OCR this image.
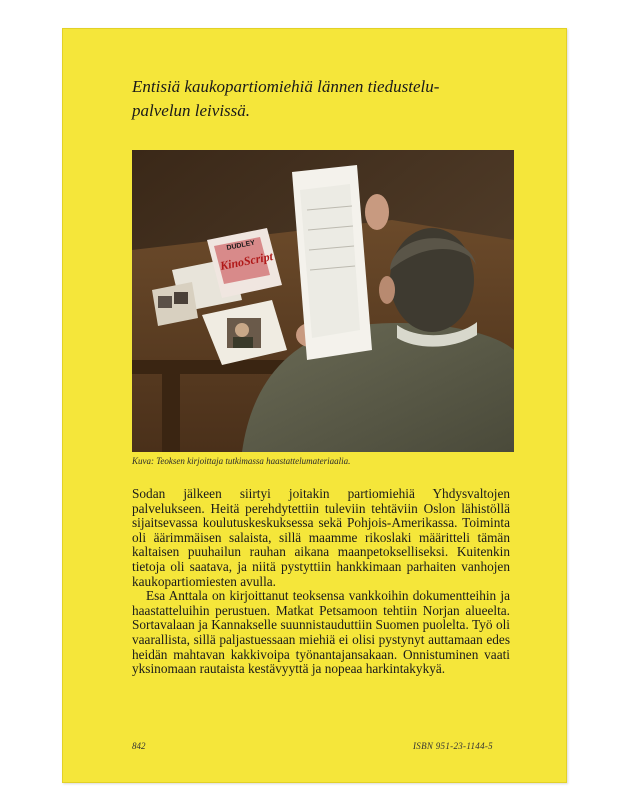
Entisiä kaukopartiomiehiä lännen tiedustelu-palvelun leivissä.

DUDLEY
KinoScript

Kuva: Teoksen kirjoittaja tutkimassa haastattelumateriaalia.

Sodan jälkeen siirtyi joitakin partiomiehiä Yhdysvaltojen palvelukseen. Heitä perehdytettiin tuleviin tehtäviin Oslon lähistöllä sijaitsevassa koulutuskeskuksessa sekä Pohjois-Amerikassa. Toiminta oli äärimmäisen salaista, sillä maamme rikoslaki määritteli tämän kaltaisen puuhailun rauhan aikana maanpetokselliseksi. Kuitenkin tietoja oli saatava, ja niitä pystyttiin hankkimaan parhaiten vanhojen kaukopartiomiesten avulla.

Esa Anttala on kirjoittanut teoksensa vankkoihin dokumentteihin ja haastatteluihin perustuen. Matkat Petsamoon tehtiin Norjan alueelta. Sortavalaan ja Kannakselle suunnistauduttiin Suomen puolelta. Työ oli vaarallista, sillä paljastuessaan miehiä ei olisi pystynyt auttamaan edes heidän mahtavan kakkivoipa työnantajansakaan. Onnistuminen vaati yksinomaan rautaista kestävyyttä ja nopeaa harkintakykyä.

842	ISBN 951-23-1144-5
